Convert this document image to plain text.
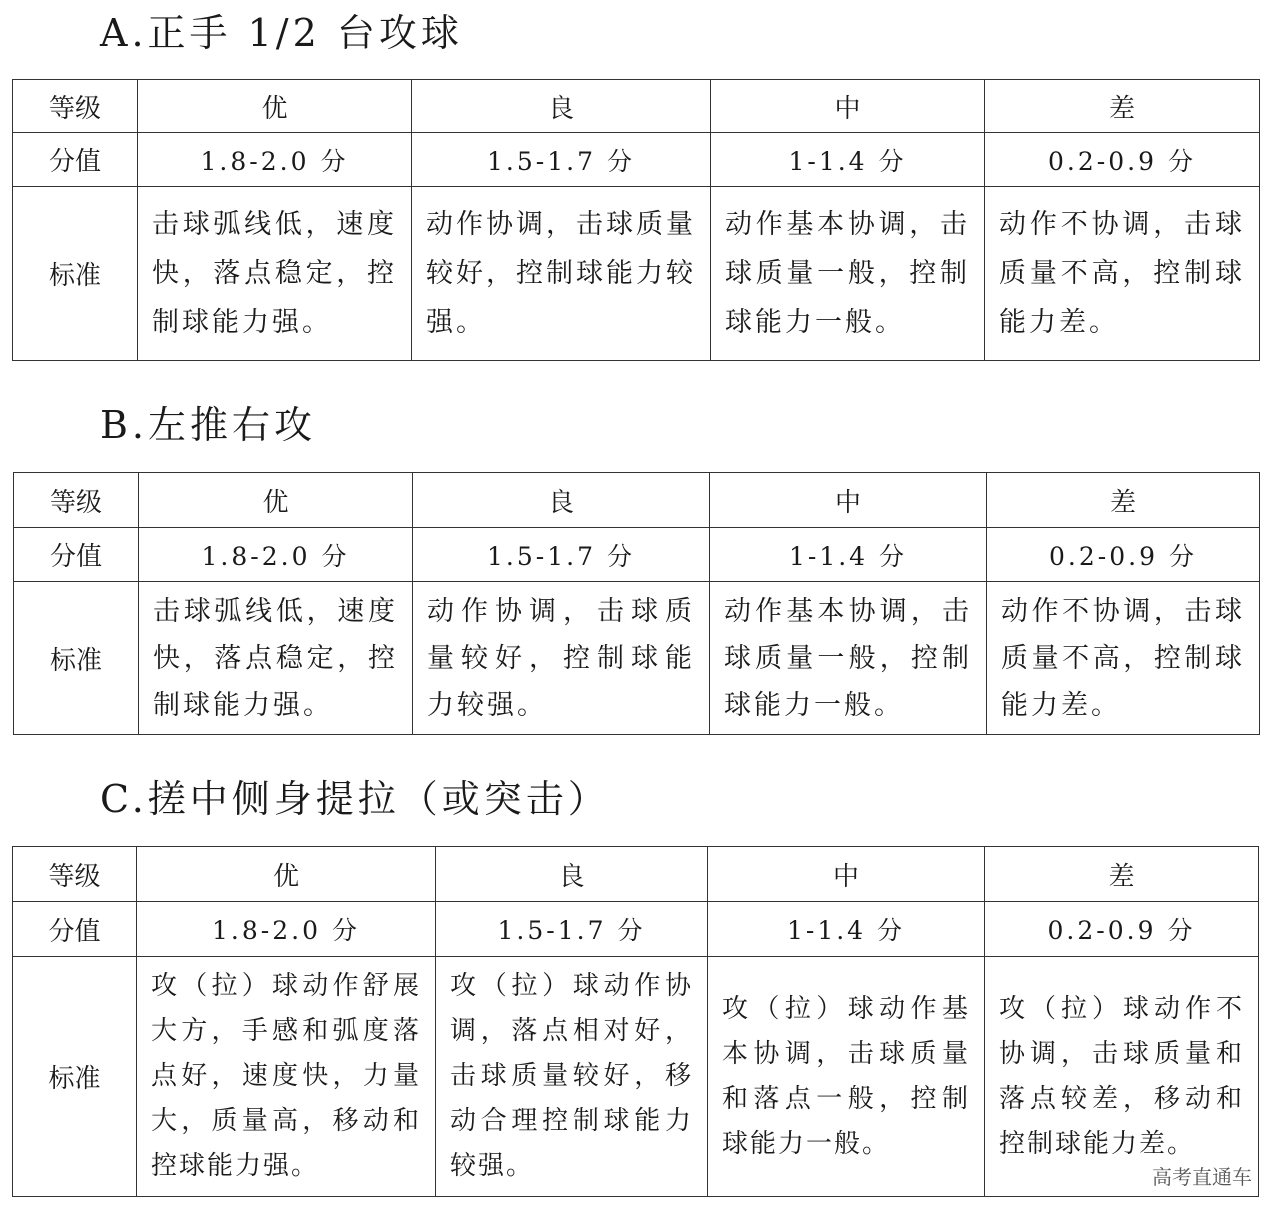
A.正手 1/2 台攻球
等级	优	良	中	差
分值	1.8-2.0 分	1.5-1.7 分	1-1.4 分	0.2-0.9 分
标准	击球弧线低，速度快，落点稳定，控制球能力强。	动作协调，击球质量较好，控制球能力较强。	动作基本协调，击球质量一般，控制球能力一般。	动作不协调，击球质量不高，控制球能力差。
B.左推右攻
等级	优	良	中	差
分值	1.8-2.0 分	1.5-1.7 分	1-1.4 分	0.2-0.9 分
标准	击球弧线低，速度快，落点稳定，控制球能力强。	动作协调，击球质量较好，控制球能力较强。	动作基本协调，击球质量一般，控制球能力一般。	动作不协调，击球质量不高，控制球能力差。
C.搓中侧身提拉（或突击）
等级	优	良	中	差
分值	1.8-2.0 分	1.5-1.7 分	1-1.4 分	0.2-0.9 分
标准	攻（拉）球动作舒展大方，手感和弧度落点好，速度快，力量大，质量高，移动和控球能力强。	攻（拉）球动作协调，落点相对好，击球质量较好，移动合理控制球能力较强。	攻（拉）球动作基本协调，击球质量和落点一般，控制球能力一般。	攻（拉）球动作不协调，击球质量和落点较差，移动和控制球能力差。
高考直通车
